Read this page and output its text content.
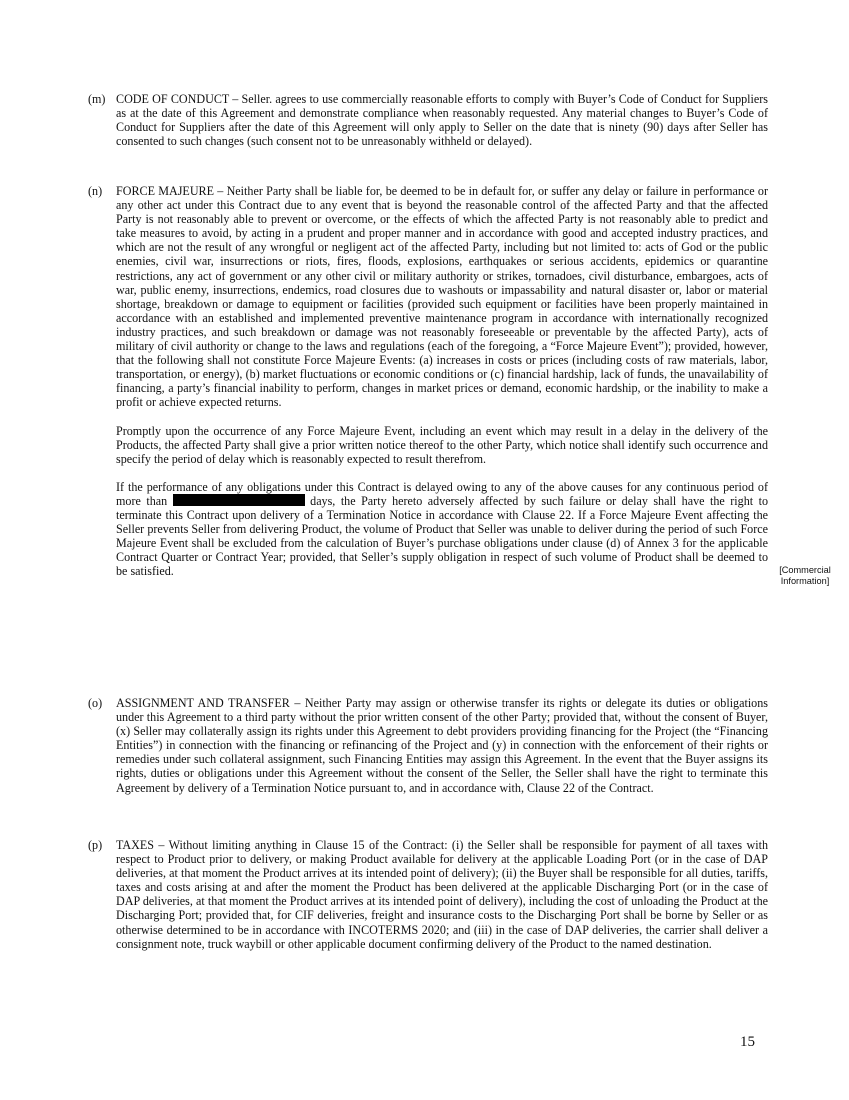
(m) CODE OF CONDUCT – Seller. agrees to use commercially reasonable efforts to comply with Buyer’s Code of Conduct for Suppliers as at the date of this Agreement and demonstrate compliance when reasonably requested. Any material changes to Buyer’s Code of Conduct for Suppliers after the date of this Agreement will only apply to Seller on the date that is ninety (90) days after Seller has consented to such changes (such consent not to be unreasonably withheld or delayed).

(n) FORCE MAJEURE – Neither Party shall be liable for, be deemed to be in default for, or suffer any delay or failure in performance or any other act under this Contract due to any event that is beyond the reasonable control of the affected Party and that the affected Party is not reasonably able to prevent or overcome, or the effects of which the affected Party is not reasonably able to predict and take measures to avoid, by acting in a prudent and proper manner and in accordance with good and accepted industry practices, and which are not the result of any wrongful or negligent act of the affected Party, including but not limited to: acts of God or the public enemies, civil war, insurrections or riots, fires, floods, explosions, earthquakes or serious accidents, epidemics or quarantine restrictions, any act of government or any other civil or military authority or strikes, tornadoes, civil disturbance, embargoes, acts of war, public enemy, insurrections, endemics, road closures due to washouts or impassability and natural disaster or, labor or material shortage, breakdown or damage to equipment or facilities (provided such equipment or facilities have been properly maintained in accordance with an established and implemented preventive maintenance program in accordance with internationally recognized industry practices, and such breakdown or damage was not reasonably foreseeable or preventable by the affected Party), acts of military of civil authority or change to the laws and regulations (each of the foregoing, a “Force Majeure Event”); provided, however, that the following shall not constitute Force Majeure Events: (a) increases in costs or prices (including costs of raw materials, labor, transportation, or energy), (b) market fluctuations or economic conditions or (c) financial hardship, lack of funds, the unavailability of financing, a party’s financial inability to perform, changes in market prices or demand, economic hardship, or the inability to make a profit or achieve expected returns.

Promptly upon the occurrence of any Force Majeure Event, including an event which may result in a delay in the delivery of the Products, the affected Party shall give a prior written notice thereof to the other Party, which notice shall identify such occurrence and specify the period of delay which is reasonably expected to result therefrom.

If the performance of any obligations under this Contract is delayed owing to any of the above causes for any continuous period of more than	days, the Party hereto adversely affected by such failure or delay shall have the right to terminate this Contract upon delivery of a Termination Notice in accordance with Clause 22. If a Force Majeure Event affecting the Seller prevents Seller from delivering Product, the volume of Product that Seller was unable to deliver during the period of such Force Majeure Event shall be excluded from the calculation of Buyer’s purchase obligations under clause (d) of Annex 3 for the applicable Contract Quarter or Contract Year; provided, that Seller’s supply obligation in respect of such volume of Product shall be deemed to be satisfied.

(o) ASSIGNMENT AND TRANSFER – Neither Party may assign or otherwise transfer its rights or delegate its duties or obligations under this Agreement to a third party without the prior written consent of the other Party; provided that, without the consent of Buyer, (x) Seller may collaterally assign its rights under this Agreement to debt providers providing financing for the Project (the “Financing Entities”) in connection with the financing or refinancing of the Project and (y) in connection with the enforcement of their rights or remedies under such collateral assignment, such Financing Entities may assign this Agreement. In the event that the Buyer assigns its rights, duties or obligations under this Agreement without the consent of the Seller, the Seller shall have the right to terminate this Agreement by delivery of a Termination Notice pursuant to, and in accordance with, Clause 22 of the Contract.

(p) TAXES – Without limiting anything in Clause 15 of the Contract: (i) the Seller shall be responsible for payment of all taxes with respect to Product prior to delivery, or making Product available for delivery at the applicable Loading Port (or in the case of DAP deliveries, at that moment the Product arrives at its intended point of delivery); (ii) the Buyer shall be responsible for all duties, tariffs, taxes and costs arising at and after the moment the Product has been delivered at the applicable Discharging Port (or in the case of DAP deliveries, at that moment the Product arrives at its intended point of delivery), including the cost of unloading the Product at the Discharging Port; provided that, for CIF deliveries, freight and insurance costs to the Discharging Port shall be borne by Seller or as otherwise determined to be in accordance with INCOTERMS 2020; and (iii) in the case of DAP deliveries, the carrier shall deliver a consignment note, truck waybill or other applicable document confirming delivery of the Product to the named destination.

[Commercial Information]
15
